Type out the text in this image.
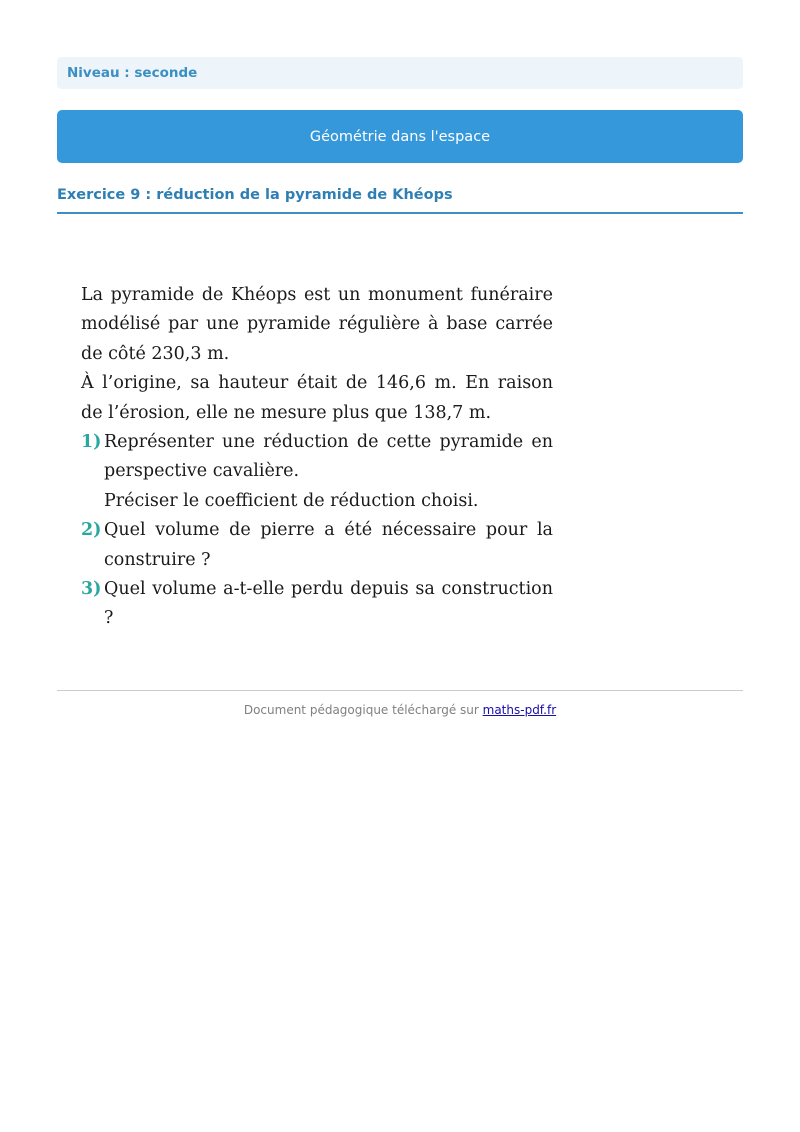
Niveau : seconde
Géométrie dans l'espace
Exercice 9 : réduction de la pyramide de Khéops

La pyramide de Khéops est un monument funéraire modélisé par une pyramide régulière à base carrée de côté 230,3 m.

À l’origine, sa hauteur était de 146,6 m. En raison de l’érosion, elle ne mesure plus que 138,7 m.

1) Représenter une réduction de cette pyramide en perspective cavalière.
Préciser le coefficient de réduction choisi.
2) Quel volume de pierre a été nécessaire pour la construire ?
3) Quel volume a-t-elle perdu depuis sa construction ?
Document pédagogique téléchargé sur maths-pdf.fr
